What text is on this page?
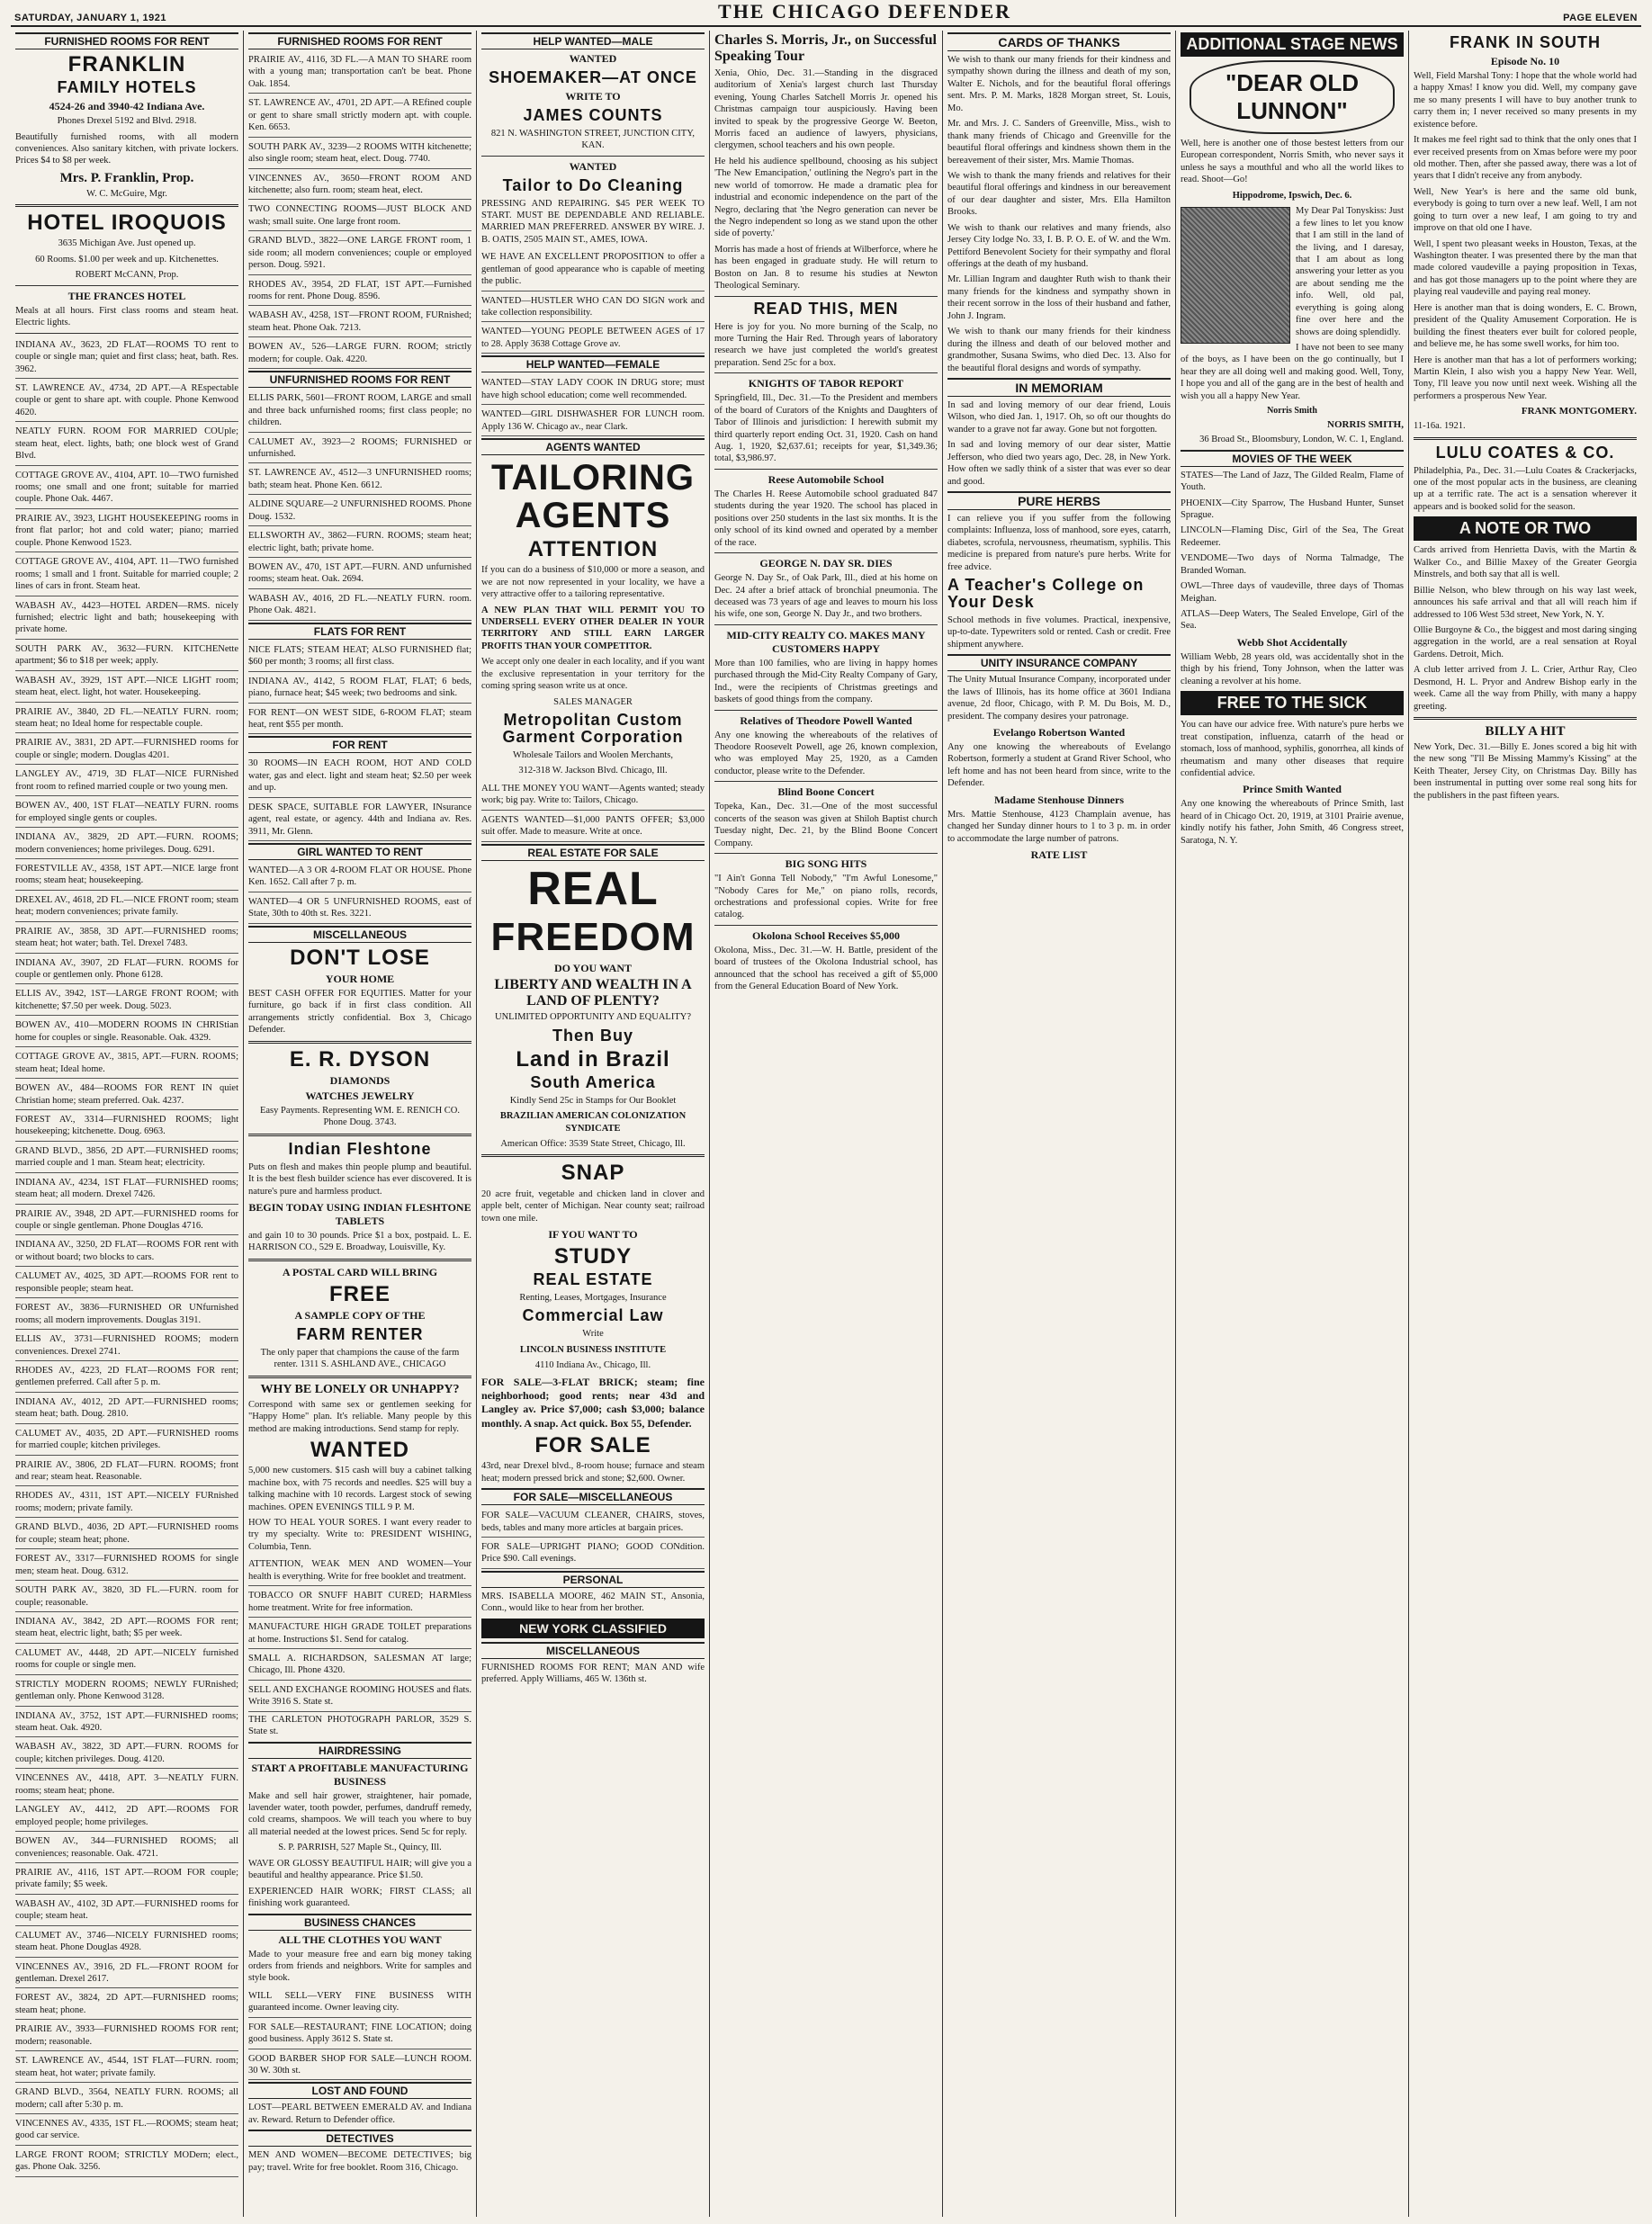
SATURDAY, JANUARY 1, 1921	THE CHICAGO DEFENDER	PAGE ELEVEN
FURNISHED ROOMS FOR RENT
FRANKLIN
FAMILY HOTELS
4524-26 and 3940-42 Indiana Ave.

Phones Drexel 5192 and Blvd. 2918.

Beautifully furnished rooms, with all modern conveniences. Also sanitary kitchen, with private lockers. Prices $4 to $8 per week.

Mrs. P. Franklin, Prop.

W. C. McGuire, Mgr.

HOTEL IROQUOIS

3635 Michigan Ave. Just opened up.

60 Rooms. $1.00 per week and up. Kitchenettes.

ROBERT McCANN, Prop.

THE FRANCES HOTEL

Meals at all hours. First class rooms and steam heat. Electric lights.

INDIANA AV., 3623, 2D FLAT—ROOMS TO rent to couple or single man; quiet and first class; heat, bath. Res. 3962.

ST. LAWRENCE AV., 4734, 2D APT.—A REspectable couple or gent to share apt. with couple. Phone Kenwood 4620.

NEATLY FURN. ROOM FOR MARRIED COUple; steam heat, elect. lights, bath; one block west of Grand Blvd.

COTTAGE GROVE AV., 4104, APT. 10—TWO furnished rooms; one small and one front; suitable for married couple. Phone Oak. 4467.

PRAIRIE AV., 3923, LIGHT HOUSEKEEPING rooms in front flat parlor; hot and cold water; piano; married couple. Phone Kenwood 1523.

COTTAGE GROVE AV., 4104, APT. 11—TWO furnished rooms; 1 small and 1 front. Suitable for married couple; 2 lines of cars in front. Steam heat.

WABASH AV., 4423—HOTEL ARDEN—RMS. nicely furnished; electric light and bath; housekeeping with private home.

SOUTH PARK AV., 3632—FURN. KITCHENette apartment; $6 to $18 per week; apply.

WABASH AV., 3929, 1ST APT.—NICE LIGHT room; steam heat, elect. light, hot water. Housekeeping.

PRAIRIE AV., 3840, 2D FL.—NEATLY FURN. room; steam heat; no Ideal home for respectable couple.

PRAIRIE AV., 3831, 2D APT.—FURNISHED rooms for couple or single; modern. Douglas 4201.

LANGLEY AV., 4719, 3D FLAT—NICE FURNished front room to refined married couple or two young men.

BOWEN AV., 400, 1ST FLAT—NEATLY FURN. rooms for employed single gents or couples.

INDIANA AV., 3829, 2D APT.—FURN. ROOMS; modern conveniences; home privileges. Doug. 6291.

FORESTVILLE AV., 4358, 1ST APT.—NICE large front rooms; steam heat; housekeeping.

DREXEL AV., 4618, 2D FL.—NICE FRONT room; steam heat; modern conveniences; private family.

PRAIRIE AV., 3858, 3D APT.—FURNISHED rooms; steam heat; hot water; bath. Tel. Drexel 7483.

INDIANA AV., 3907, 2D FLAT—FURN. ROOMS for couple or gentlemen only. Phone 6128.

ELLIS AV., 3942, 1ST—LARGE FRONT ROOM; with kitchenette; $7.50 per week. Doug. 5023.

BOWEN AV., 410—MODERN ROOMS IN CHRIStian home for couples or single. Reasonable. Oak. 4329.

COTTAGE GROVE AV., 3815, APT.—FURN. ROOMS; steam heat; Ideal home.

BOWEN AV., 484—ROOMS FOR RENT IN quiet Christian home; steam preferred. Oak. 4237.

FOREST AV., 3314—FURNISHED ROOMS; light housekeeping; kitchenette. Doug. 6963.

GRAND BLVD., 3856, 2D APT.—FURNISHED rooms; married couple and 1 man. Steam heat; electricity.

INDIANA AV., 4234, 1ST FLAT—FURNISHED rooms; steam heat; all modern. Drexel 7426.

PRAIRIE AV., 3948, 2D APT.—FURNISHED rooms for couple or single gentleman. Phone Douglas 4716.

INDIANA AV., 3250, 2D FLAT—ROOMS FOR rent with or without board; two blocks to cars.

CALUMET AV., 4025, 3D APT.—ROOMS FOR rent to responsible people; steam heat.

FOREST AV., 3836—FURNISHED OR UNfurnished rooms; all modern improvements. Douglas 3191.

ELLIS AV., 3731—FURNISHED ROOMS; modern conveniences. Drexel 2741.

RHODES AV., 4223, 2D FLAT—ROOMS FOR rent; gentlemen preferred. Call after 5 p. m.

INDIANA AV., 4012, 2D APT.—FURNISHED rooms; steam heat; bath. Doug. 2810.

CALUMET AV., 4035, 2D APT.—FURNISHED rooms for married couple; kitchen privileges.

PRAIRIE AV., 3806, 2D FLAT—FURN. ROOMS; front and rear; steam heat. Reasonable.

RHODES AV., 4311, 1ST APT.—NICELY FURnished rooms; modern; private family.

GRAND BLVD., 4036, 2D APT.—FURNISHED rooms for couple; steam heat; phone.

FOREST AV., 3317—FURNISHED ROOMS for single men; steam heat. Doug. 6312.

SOUTH PARK AV., 3820, 3D FL.—FURN. room for couple; reasonable.

INDIANA AV., 3842, 2D APT.—ROOMS FOR rent; steam heat, electric light, bath; $5 per week.

CALUMET AV., 4448, 2D APT.—NICELY furnished rooms for couple or single men.

STRICTLY MODERN ROOMS; NEWLY FURnished; gentleman only. Phone Kenwood 3128.

INDIANA AV., 3752, 1ST APT.—FURNISHED rooms; steam heat. Oak. 4920.

WABASH AV., 3822, 3D APT.—FURN. ROOMS for couple; kitchen privileges. Doug. 4120.

VINCENNES AV., 4418, APT. 3—NEATLY FURN. rooms; steam heat; phone.

LANGLEY AV., 4412, 2D APT.—ROOMS FOR employed people; home privileges.

BOWEN AV., 344—FURNISHED ROOMS; all conveniences; reasonable. Oak. 4721.

PRAIRIE AV., 4116, 1ST APT.—ROOM FOR couple; private family; $5 week.

WABASH AV., 4102, 3D APT.—FURNISHED rooms for couple; steam heat.

CALUMET AV., 3746—NICELY FURNISHED rooms; steam heat. Phone Douglas 4928.

VINCENNES AV., 3916, 2D FL.—FRONT ROOM for gentleman. Drexel 2617.

FOREST AV., 3824, 2D APT.—FURNISHED rooms; steam heat; phone.

PRAIRIE AV., 3933—FURNISHED ROOMS FOR rent; modern; reasonable.

ST. LAWRENCE AV., 4544, 1ST FLAT—FURN. room; steam heat, hot water; private family.

GRAND BLVD., 3564, NEATLY FURN. ROOMS; all modern; call after 5:30 p. m.

VINCENNES AV., 4335, 1ST FL.—ROOMS; steam heat; good car service.

LARGE FRONT ROOM; STRICTLY MODern; elect., gas. Phone Oak. 3256.

FURNISHED ROOMS FOR RENT

PRAIRIE AV., 4116, 3D FL.—A MAN TO SHARE room with a young man; transportation can't be beat. Phone Oak. 1854.

ST. LAWRENCE AV., 4701, 2D APT.—A REfined couple or gent to share small strictly modern apt. with couple. Ken. 6653.

SOUTH PARK AV., 3239—2 ROOMS WITH kitchenette; also single room; steam heat, elect. Doug. 7740.

VINCENNES AV., 3650—FRONT ROOM AND kitchenette; also furn. room; steam heat, elect.

TWO CONNECTING ROOMS—JUST BLOCK AND wash; small suite. One large front room.

GRAND BLVD., 3822—ONE LARGE FRONT room, 1 side room; all modern conveniences; couple or employed person. Doug. 5921.

RHODES AV., 3954, 2D FLAT, 1ST APT.—Furnished rooms for rent. Phone Doug. 8596.

WABASH AV., 4258, 1ST—FRONT ROOM, FURnished; steam heat. Phone Oak. 7213.

BOWEN AV., 526—LARGE FURN. ROOM; strictly modern; for couple. Oak. 4220.

UNFURNISHED ROOMS FOR RENT

ELLIS PARK, 5601—FRONT ROOM, LARGE and small and three back unfurnished rooms; first class people; no children.

CALUMET AV., 3923—2 ROOMS; FURNISHED or unfurnished.

ST. LAWRENCE AV., 4512—3 UNFURNISHED rooms; bath; steam heat. Phone Ken. 6612.

ALDINE SQUARE—2 UNFURNISHED ROOMS. Phone Doug. 1532.

ELLSWORTH AV., 3862—FURN. ROOMS; steam heat; electric light, bath; private home.

BOWEN AV., 470, 1ST APT.—FURN. AND unfurnished rooms; steam heat. Oak. 2694.

WABASH AV., 4016, 2D FL.—NEATLY FURN. room. Phone Oak. 4821.

FLATS FOR RENT

NICE FLATS; STEAM HEAT; ALSO FURNISHED flat; $60 per month; 3 rooms; all first class.

INDIANA AV., 4142, 5 ROOM FLAT, FLAT; 6 beds, piano, furnace heat; $45 week; two bedrooms and sink.

FOR RENT—ON WEST SIDE, 6-ROOM FLAT; steam heat, rent $55 per month.

FOR RENT

30 ROOMS—IN EACH ROOM, HOT AND COLD water, gas and elect. light and steam heat; $2.50 per week and up.

DESK SPACE, SUITABLE FOR LAWYER, INsurance agent, real estate, or agency. 44th and Indiana av. Res. 3911, Mr. Glenn.

GIRL WANTED TO RENT

WANTED—A 3 OR 4-ROOM FLAT OR HOUSE. Phone Ken. 1652. Call after 7 p. m.

WANTED—4 OR 5 UNFURNISHED ROOMS, east of State, 30th to 40th st. Res. 3221.

MISCELLANEOUS
DON'T LOSE
YOUR HOME

BEST CASH OFFER FOR EQUITIES. Matter for your furniture, go back if in first class condition. All arrangements strictly confidential. Box 3, Chicago Defender.

E. R. DYSON
DIAMONDS
WATCHES JEWELRY

Easy Payments. Representing WM. E. RENICH CO. Phone Doug. 3743.

Indian Fleshtone

Puts on flesh and makes thin people plump and beautiful. It is the best flesh builder science has ever discovered. It is nature's pure and harmless product.

BEGIN TODAY USING INDIAN FLESHTONE TABLETS

and gain 10 to 30 pounds. Price $1 a box, postpaid. L. E. HARRISON CO., 529 E. Broadway, Louisville, Ky.

A POSTAL CARD WILL BRING
FREE
A SAMPLE COPY OF THE
FARM RENTER

The only paper that champions the cause of the farm renter. 1311 S. ASHLAND AVE., CHICAGO

WHY BE LONELY OR UNHAPPY?

Correspond with same sex or gentlemen seeking for "Happy Home" plan. It's reliable. Many people by this method are making introductions. Send stamp for reply.

WANTED

5,000 new customers. $15 cash will buy a cabinet talking machine box, with 75 records and needles. $25 will buy a talking machine with 10 records. Largest stock of sewing machines. OPEN EVENINGS TILL 9 P. M.

HOW TO HEAL YOUR SORES. I want every reader to try my specialty. Write to: PRESIDENT WISHING, Columbia, Tenn.

ATTENTION, WEAK MEN AND WOMEN—Your health is everything. Write for free booklet and treatment.

TOBACCO OR SNUFF HABIT CURED; HARMless home treatment. Write for free information.

MANUFACTURE HIGH GRADE TOILET preparations at home. Instructions $1. Send for catalog.

SMALL A. RICHARDSON, SALESMAN AT large; Chicago, Ill. Phone 4320.

SELL AND EXCHANGE ROOMING HOUSES and flats. Write 3916 S. State st.

THE CARLETON PHOTOGRAPH PARLOR, 3529 S. State st.

HAIRDRESSING
START A PROFITABLE MANUFACTURING BUSINESS

Make and sell hair grower, straightener, hair pomade, lavender water, tooth powder, perfumes, dandruff remedy, cold creams, shampoos. We will teach you where to buy all material needed at the lowest prices. Send 5c for reply.

S. P. PARRISH, 527 Maple St., Quincy, Ill.

WAVE OR GLOSSY BEAUTIFUL HAIR; will give you a beautiful and healthy appearance. Price $1.50.

EXPERIENCED HAIR WORK; FIRST CLASS; all finishing work guaranteed.

BUSINESS CHANCES
ALL THE CLOTHES YOU WANT

Made to your measure free and earn big money taking orders from friends and neighbors. Write for samples and style book.

WILL SELL—VERY FINE BUSINESS WITH guaranteed income. Owner leaving city.

FOR SALE—RESTAURANT; FINE LOCATION; doing good business. Apply 3612 S. State st.

GOOD BARBER SHOP FOR SALE—LUNCH ROOM. 30 W. 30th st.

LOST AND FOUND

LOST—PEARL BETWEEN EMERALD AV. and Indiana av. Reward. Return to Defender office.

DETECTIVES

MEN AND WOMEN—BECOME DETECTIVES; big pay; travel. Write for free booklet. Room 316, Chicago.

HELP WANTED—MALE
WANTED
SHOEMAKER—AT ONCE
WRITE TO
JAMES COUNTS

821 N. WASHINGTON STREET, JUNCTION CITY, KAN.

WANTED
Tailor to Do Cleaning

PRESSING AND REPAIRING. $45 PER WEEK TO START. MUST BE DEPENDABLE AND RELIABLE. MARRIED MAN PREFERRED. ANSWER BY WIRE. J. B. OATIS, 2505 MAIN ST., AMES, IOWA.

WE HAVE AN EXCELLENT PROPOSITION to offer a gentleman of good appearance who is capable of meeting the public.

WANTED—HUSTLER WHO CAN DO SIGN work and take collection responsibility.

WANTED—YOUNG PEOPLE BETWEEN AGES of 17 to 28. Apply 3638 Cottage Grove av.

HELP WANTED—FEMALE

WANTED—STAY LADY COOK IN DRUG store; must have high school education; come well recommended.

WANTED—GIRL DISHWASHER FOR LUNCH room. Apply 136 W. Chicago av., near Clark.

AGENTS WANTED
TAILORING AGENTS
ATTENTION

If you can do a business of $10,000 or more a season, and we are not now represented in your locality, we have a very attractive offer to a tailoring representative.

A NEW PLAN THAT WILL PERMIT YOU TO UNDERSELL EVERY OTHER DEALER IN YOUR TERRITORY AND STILL EARN LARGER PROFITS THAN YOUR COMPETITOR.

We accept only one dealer in each locality, and if you want the exclusive representation in your territory for the coming spring season write us at once.

SALES MANAGER

Metropolitan Custom Garment Corporation

Wholesale Tailors and Woolen Merchants,

312-318 W. Jackson Blvd. Chicago, Ill.

ALL THE MONEY YOU WANT—Agents wanted; steady work; big pay. Write to: Tailors, Chicago.

AGENTS WANTED—$1,000 PANTS OFFER; $3,000 suit offer. Made to measure. Write at once.

REAL ESTATE FOR SALE
REAL
FREEDOM
DO YOU WANT
LIBERTY AND WEALTH IN A LAND OF PLENTY?

UNLIMITED OPPORTUNITY AND EQUALITY?

Then Buy
Land in Brazil
South America

Kindly Send 25c in Stamps for Our Booklet

BRAZILIAN AMERICAN COLONIZATION SYNDICATE

American Office: 3539 State Street, Chicago, Ill.

SNAP

20 acre fruit, vegetable and chicken land in clover and apple belt, center of Michigan. Near county seat; railroad town one mile.

IF YOU WANT TO
STUDY
REAL ESTATE

Renting, Leases, Mortgages, Insurance

Commercial Law

Write

LINCOLN BUSINESS INSTITUTE

4110 Indiana Av., Chicago, Ill.

FOR SALE—3-FLAT BRICK; steam; fine neighborhood; good rents; near 43d and Langley av. Price $7,000; cash $3,000; balance monthly. A snap. Act quick. Box 55, Defender.

FOR SALE

43rd, near Drexel blvd., 8-room house; furnace and steam heat; modern pressed brick and stone; $2,600. Owner.

FOR SALE—MISCELLANEOUS

FOR SALE—VACUUM CLEANER, CHAIRS, stoves, beds, tables and many more articles at bargain prices.

FOR SALE—UPRIGHT PIANO; GOOD CONdition. Price $90. Call evenings.

PERSONAL

MRS. ISABELLA MOORE, 462 MAIN ST., Ansonia, Conn., would like to hear from her brother.

NEW YORK CLASSIFIED
MISCELLANEOUS

FURNISHED ROOMS FOR RENT; MAN AND wife preferred. Apply Williams, 465 W. 136th st.

Charles S. Morris, Jr., on Successful Speaking Tour

Xenia, Ohio, Dec. 31.—Standing in the disgraced auditorium of Xenia's largest church last Thursday evening, Young Charles Satchell Morris Jr. opened his Christmas campaign tour auspiciously. Having been invited to speak by the progressive George W. Beeton, Morris faced an audience of lawyers, physicians, clergymen, school teachers and his own people.

He held his audience spellbound, choosing as his subject 'The New Emancipation,' outlining the Negro's part in the new world of tomorrow. He made a dramatic plea for industrial and economic independence on the part of the Negro, declaring that 'the Negro generation can never be the Negro independent so long as we stand upon the other side of poverty.'

Morris has made a host of friends at Wilberforce, where he has been engaged in graduate study. He will return to Boston on Jan. 8 to resume his studies at Newton Theological Seminary.

READ THIS, MEN

Here is joy for you. No more burning of the Scalp, no more Turning the Hair Red. Through years of laboratory research we have just completed the world's greatest preparation. Send 25c for a box.

KNIGHTS OF TABOR REPORT

Springfield, Ill., Dec. 31.—To the President and members of the board of Curators of the Knights and Daughters of Tabor of Illinois and jurisdiction: I herewith submit my third quarterly report ending Oct. 31, 1920. Cash on hand Aug. 1, 1920, $2,637.61; receipts for year, $1,349.36; total, $3,986.97.

Reese Automobile School

The Charles H. Reese Automobile school graduated 847 students during the year 1920. The school has placed in positions over 250 students in the last six months. It is the only school of its kind owned and operated by a member of the race.

GEORGE N. DAY SR. DIES

George N. Day Sr., of Oak Park, Ill., died at his home on Dec. 24 after a brief attack of bronchial pneumonia. The deceased was 73 years of age and leaves to mourn his loss his wife, one son, George N. Day Jr., and two brothers.

MID-CITY REALTY CO. MAKES MANY CUSTOMERS HAPPY

More than 100 families, who are living in happy homes purchased through the Mid-City Realty Company of Gary, Ind., were the recipients of Christmas greetings and baskets of good things from the company.

Relatives of Theodore Powell Wanted

Any one knowing the whereabouts of the relatives of Theodore Roosevelt Powell, age 26, known complexion, who was employed May 25, 1920, as a Camden conductor, please write to the Defender.

Blind Boone Concert

Topeka, Kan., Dec. 31.—One of the most successful concerts of the season was given at Shiloh Baptist church Tuesday night, Dec. 21, by the Blind Boone Concert Company.

BIG SONG HITS

"I Ain't Gonna Tell Nobody," "I'm Awful Lonesome," "Nobody Cares for Me," on piano rolls, records, orchestrations and professional copies. Write for free catalog.

Okolona School Receives $5,000

Okolona, Miss., Dec. 31.—W. H. Battle, president of the board of trustees of the Okolona Industrial school, has announced that the school has received a gift of $5,000 from the General Education Board of New York.

CARDS OF THANKS

We wish to thank our many friends for their kindness and sympathy shown during the illness and death of my son, Walter E. Nichols, and for the beautiful floral offerings sent. Mrs. P. M. Marks, 1828 Morgan street, St. Louis, Mo.

Mr. and Mrs. J. C. Sanders of Greenville, Miss., wish to thank many friends of Chicago and Greenville for the beautiful floral offerings and kindness shown them in the bereavement of their sister, Mrs. Mamie Thomas.

We wish to thank the many friends and relatives for their beautiful floral offerings and kindness in our bereavement of our dear daughter and sister, Mrs. Ella Hamilton Brooks.

We wish to thank our relatives and many friends, also Jersey City lodge No. 33, I. B. P. O. E. of W. and the Wm. Pettiford Benevolent Society for their sympathy and floral offerings at the death of my husband.

Mr. Lillian Ingram and daughter Ruth wish to thank their many friends for the kindness and sympathy shown in their recent sorrow in the loss of their husband and father, John J. Ingram.

We wish to thank our many friends for their kindness during the illness and death of our beloved mother and grandmother, Susana Swims, who died Dec. 13. Also for the beautiful floral designs and words of sympathy.

IN MEMORIAM

In sad and loving memory of our dear friend, Louis Wilson, who died Jan. 1, 1917. Oh, so oft our thoughts do wander to a grave not far away. Gone but not forgotten.

In sad and loving memory of our dear sister, Mattie Jefferson, who died two years ago, Dec. 28, in New York. How often we sadly think of a sister that was ever so dear and good.

PURE HERBS

I can relieve you if you suffer from the following complaints: Influenza, loss of manhood, sore eyes, catarrh, diabetes, scrofula, nervousness, rheumatism, syphilis. This medicine is prepared from nature's pure herbs. Write for free advice.

A Teacher's College on Your Desk

School methods in five volumes. Practical, inexpensive, up-to-date. Typewriters sold or rented. Cash or credit. Free shipment anywhere.

UNITY INSURANCE COMPANY

The Unity Mutual Insurance Company, incorporated under the laws of Illinois, has its home office at 3601 Indiana avenue, 2d floor, Chicago, with P. M. Du Bois, M. D., president. The company desires your patronage.

Evelango Robertson Wanted

Any one knowing the whereabouts of Evelango Robertson, formerly a student at Grand River School, who left home and has not been heard from since, write to the Defender.

Madame Stenhouse Dinners

Mrs. Mattie Stenhouse, 4123 Champlain avenue, has changed her Sunday dinner hours to 1 to 3 p. m. in order to accommodate the large number of patrons.

RATE LIST
ADDITIONAL STAGE NEWS
"DEAR OLD LUNNON"

Well, here is another one of those bestest letters from our European correspondent, Norris Smith, who never says it unless he says a mouthful and who all the world likes to read. Shoot—Go!

Hippodrome, Ipswich, Dec. 6.

My Dear Pal Tonyskiss: Just a few lines to let you know that I am still in the land of the living, and I daresay, that I am about as long answering your letter as you are about sending me the info. Well, old pal, everything is going along fine over here and the shows are doing splendidly.

I have not been to see many of the boys, as I have been on the go continually, but I hear they are all doing well and making good. Well, Tony, I hope you and all of the gang are in the best of health and wish you all a happy New Year.

Norris Smith
NORRIS SMITH,

36 Broad St., Bloomsbury, London, W. C. 1, England.

MOVIES OF THE WEEK

STATES—The Land of Jazz, The Gilded Realm, Flame of Youth.

PHOENIX—City Sparrow, The Husband Hunter, Sunset Sprague.

LINCOLN—Flaming Disc, Girl of the Sea, The Great Redeemer.

VENDOME—Two days of Norma Talmadge, The Branded Woman.

OWL—Three days of vaudeville, three days of Thomas Meighan.

ATLAS—Deep Waters, The Sealed Envelope, Girl of the Sea.

Webb Shot Accidentally

William Webb, 28 years old, was accidentally shot in the thigh by his friend, Tony Johnson, when the latter was cleaning a revolver at his home.

FREE TO THE SICK

You can have our advice free. With nature's pure herbs we treat constipation, influenza, catarrh of the head or stomach, loss of manhood, syphilis, gonorrhea, all kinds of rheumatism and many other diseases that require confidential advice.

Prince Smith Wanted

Any one knowing the whereabouts of Prince Smith, last heard of in Chicago Oct. 20, 1919, at 3101 Prairie avenue, kindly notify his father, John Smith, 46 Congress street, Saratoga, N. Y.

FRANK IN SOUTH
Episode No. 10

Well, Field Marshal Tony: I hope that the whole world had a happy Xmas! I know you did. Well, my company gave me so many presents I will have to buy another trunk to carry them in; I never received so many presents in my existence before.

It makes me feel right sad to think that the only ones that I ever received presents from on Xmas before were my poor old mother. Then, after she passed away, there was a lot of years that I didn't receive any from anybody.

Well, New Year's is here and the same old bunk, everybody is going to turn over a new leaf. Well, I am not going to turn over a new leaf, I am going to try and improve on that old one I have.

Well, I spent two pleasant weeks in Houston, Texas, at the Washington theater. I was presented there by the man that made colored vaudeville a paying proposition in Texas, and has got those managers up to the point where they are playing real vaudeville and paying real money.

Here is another man that is doing wonders, E. C. Brown, president of the Quality Amusement Corporation. He is building the finest theaters ever built for colored people, and believe me, he has some swell works, for him too.

Here is another man that has a lot of performers working; Martin Klein, I also wish you a happy New Year. Well, Tony, I'll leave you now until next week. Wishing all the performers a prosperous New Year.

FRANK MONTGOMERY.

11-16a. 1921.

LULU COATES & CO.

Philadelphia, Pa., Dec. 31.—Lulu Coates & Crackerjacks, one of the most popular acts in the business, are cleaning up at a terrific rate. The act is a sensation wherever it appears and is booked solid for the season.

A NOTE OR TWO

Cards arrived from Henrietta Davis, with the Martin & Walker Co., and Billie Maxey of the Greater Georgia Minstrels, and both say that all is well.

Billie Nelson, who blew through on his way last week, announces his safe arrival and that all will reach him if addressed to 106 West 53d street, New York, N. Y.

Ollie Burgoyne & Co., the biggest and most daring singing aggregation in the world, are a real sensation at Royal Gardens. Detroit, Mich.

A club letter arrived from J. L. Crier, Arthur Ray, Cleo Desmond, H. L. Pryor and Andrew Bishop early in the week. Came all the way from Philly, with many a happy greeting.

BILLY A HIT

New York, Dec. 31.—Billy E. Jones scored a big hit with the new song "I'll Be Missing Mammy's Kissing" at the Keith Theater, Jersey City, on Christmas Day. Billy has been instrumental in putting over some real song hits for the publishers in the past fifteen years.
